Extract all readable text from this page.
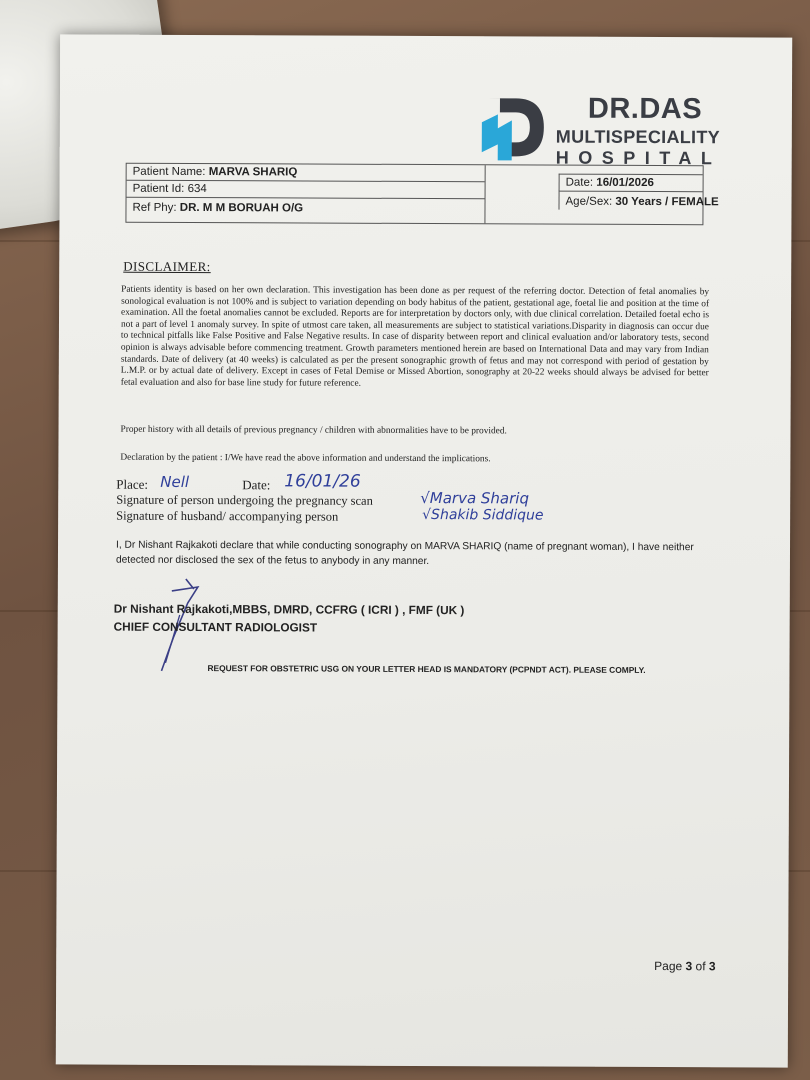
DR.DAS
MULTISPECIALITY
HOSPITAL
Patient Name: MARVA SHARIQ
Patient Id: 634
Ref Phy: DR. M M BORUAH O/G
Date: 16/01/2026
Age/Sex: 30 Years / FEMALE
DISCLAIMER:
Patients identity is based on her own declaration. This investigation has been done as per request of the referring doctor. Detection of fetal anomalies by sonological evaluation is not 100% and is subject to variation depending on body habitus of the patient, gestational age, foetal lie and position at the time of examination. All the foetal anomalies cannot be excluded. Reports are for interpretation by doctors only, with due clinical correlation. Detailed foetal echo is not a part of level 1 anomaly survey. In spite of utmost care taken, all measurements are subject to statistical variations.Disparity in diagnosis can occur due to technical pitfalls like False Positive and False Negative results. In case of disparity between report and clinical evaluation and/or laboratory tests, second opinion is always advisable before commencing treatment. Growth parameters mentioned herein are based on International Data and may vary from Indian standards. Date of delivery (at 40 weeks) is calculated as per the present sonographic growth of fetus and may not correspond with period of gestation by L.M.P. or by actual date of delivery. Except in cases of Fetal Demise or Missed Abortion, sonography at 20-22 weeks should always be advised for better fetal evaluation and also for base line study for future reference.
Proper history with all details of previous pregnancy / children with abnormalities have to be provided.
Declaration by the patient : I/We have read the above information and understand the implications.
Place: Nell	Date: 16/01/26
Signature of person undergoing the pregnancy scan	√Marva Shariq
Signature of husband/ accompanying person	√Shakib Siddique
I, Dr Nishant Rajkakoti declare that while conducting sonography on MARVA SHARIQ (name of pregnant woman), I have neither detected nor disclosed the sex of the fetus to anybody in any manner.
Dr Nishant Rajkakoti,MBBS, DMRD, CCFRG ( ICRI ) , FMF (UK )
CHIEF CONSULTANT RADIOLOGIST
REQUEST FOR OBSTETRIC USG ON YOUR LETTER HEAD IS MANDATORY (PCPNDT ACT). PLEASE COMPLY.
Page 3 of 3
